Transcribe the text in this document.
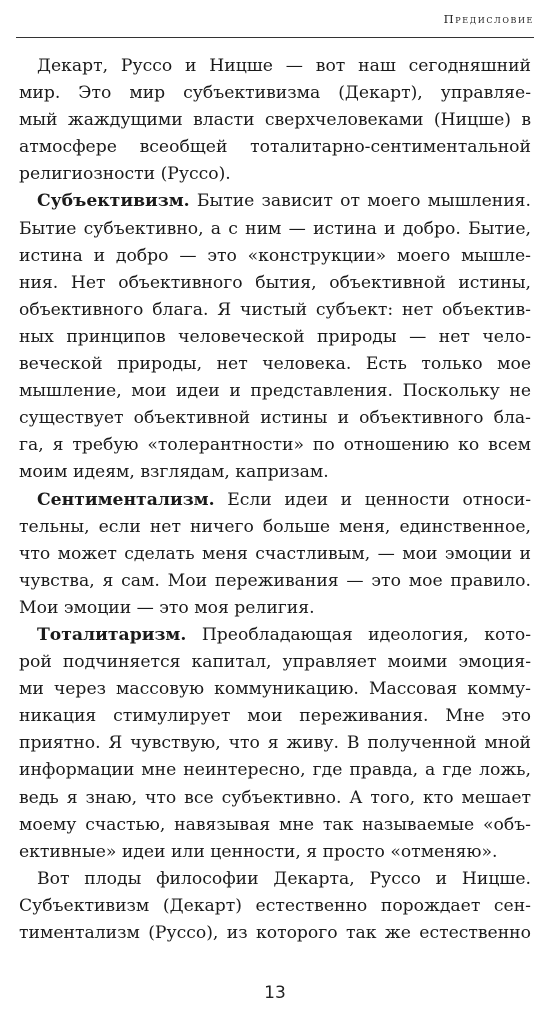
Предисловие

Декарт, Руссо и Ницше — вот наш сегодняшний
мир. Это мир субъективизма (Декарт), управляе-
мый жаждущими власти сверхчеловеками (Ницше) в
атмосфере всеобщей тоталитарно-сентиментальной
религиозности (Руссо).

Субъективизм. Бытие зависит от моего мышления.
Бытие субъективно, а с ним — истина и добро. Бытие,
истина и добро — это «конструкции» моего мышле-
ния. Нет объективного бытия, объективной истины,
объективного блага. Я чистый субъект: нет объектив-
ных принципов человеческой природы — нет чело-
веческой природы, нет человека. Есть только мое
мышление, мои идеи и представления. Поскольку не
существует объективной истины и объективного бла-
га, я требую «толерантности» по отношению ко всем
моим идеям, взглядам, капризам.

Сентиментализм. Если идеи и ценности относи-
тельны, если нет ничего больше меня, единственное,
что может сделать меня счастливым, — мои эмоции и
чувства, я сам. Мои переживания — это мое правило.
Мои эмоции — это моя религия.

Тоталитаризм. Преобладающая идеология, кото-
рой подчиняется капитал, управляет моими эмоция-
ми через массовую коммуникацию. Массовая комму-
никация стимулирует мои переживания. Мне это
приятно. Я чувствую, что я живу. В полученной мной
информации мне неинтересно, где правда, а где ложь,
ведь я знаю, что все субъективно. А того, кто мешает
моему счастью, навязывая мне так называемые «объ-
ективные» идеи или ценности, я просто «отменяю».

Вот плоды философии Декарта, Руссо и Ницше.
Субъективизм (Декарт) естественно порождает сен-
тиментализм (Руссо), из которого так же естественно

13
